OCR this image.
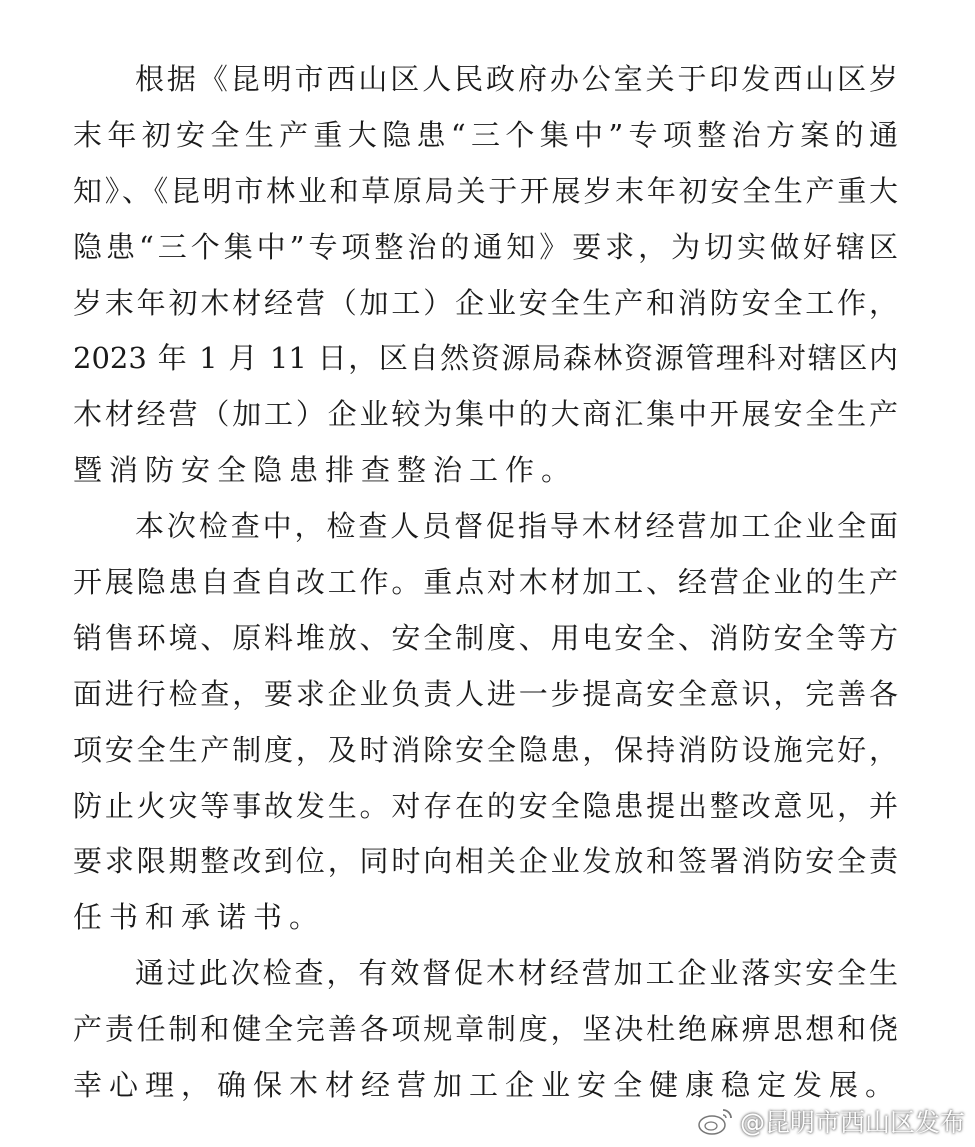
根据《昆明市西山区人民政府办公室关于印发西山区岁
末年初安全生产重大隐患“三个集中”专项整治方案的通
知》、《昆明市林业和草原局关于开展岁末年初安全生产重大
隐患“三个集中”专项整治的通知》要求，为切实做好辖区
岁末年初木材经营（加工）企业安全生产和消防安全工作，
2023 年 1 月 11 日，区自然资源局森林资源管理科对辖区内
木材经营（加工）企业较为集中的大商汇集中开展安全生产
暨消防安全隐患排查整治工作。
本次检查中，检查人员督促指导木材经营加工企业全面
开展隐患自查自改工作。重点对木材加工、经营企业的生产
销售环境、原料堆放、安全制度、用电安全、消防安全等方
面进行检查，要求企业负责人进一步提高安全意识，完善各
项安全生产制度，及时消除安全隐患，保持消防设施完好，
防止火灾等事故发生。对存在的安全隐患提出整改意见，并
要求限期整改到位，同时向相关企业发放和签署消防安全责
任书和承诺书。
通过此次检查，有效督促木材经营加工企业落实安全生
产责任制和健全完善各项规章制度，坚决杜绝麻痹思想和侥
幸心理，确保木材经营加工企业安全健康稳定发展。
@昆明市西山区发布
